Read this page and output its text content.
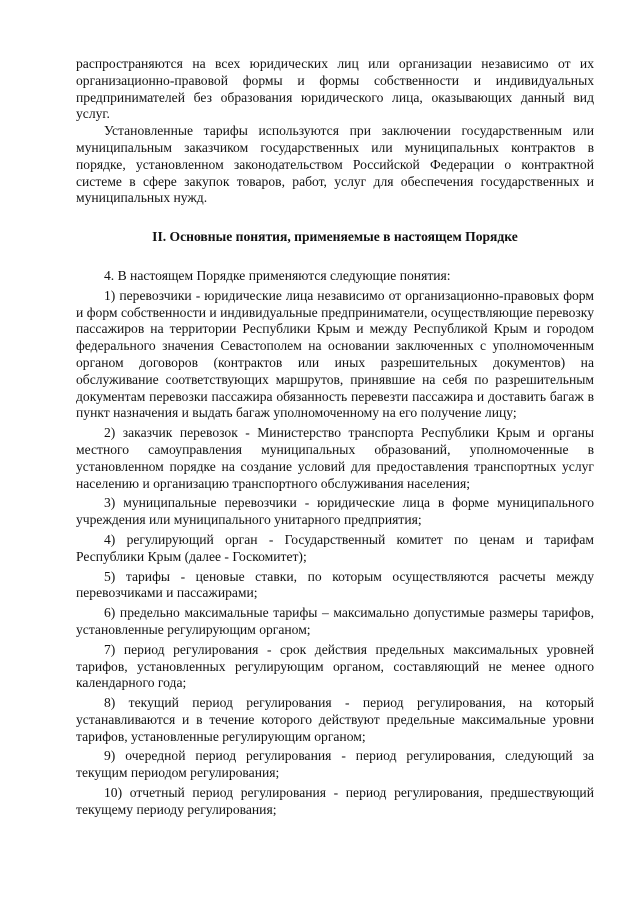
распространяются на всех юридических лиц или организации независимо от их организационно-правовой формы и формы собственности и индивидуальных предпринимателей без образования юридического лица, оказывающих данный вид услуг.

Установленные тарифы используются при заключении государственным или муниципальным заказчиком государственных или муниципальных контрактов в порядке, установленном законодательством Российской Федерации о контрактной системе в сфере закупок товаров, работ, услуг для обеспечения государственных и муниципальных нужд.

II. Основные понятия, применяемые в настоящем Порядке

4. В настоящем Порядке применяются следующие понятия:

1) перевозчики - юридические лица независимо от организационно-правовых форм и форм собственности и индивидуальные предприниматели, осуществляющие перевозку пассажиров на территории Республики Крым и между Республикой Крым и городом федерального значения Севастополем на основании заключенных с уполномоченным органом договоров (контрактов или иных разрешительных документов) на обслуживание соответствующих маршрутов, принявшие на себя по разрешительным документам перевозки пассажира обязанность перевезти пассажира и доставить багаж в пункт назначения и выдать багаж уполномоченному на его получение лицу;

2) заказчик перевозок - Министерство транспорта Республики Крым и органы местного самоуправления муниципальных образований, уполномоченные в установленном порядке на создание условий для предоставления транспортных услуг населению и организацию транспортного обслуживания населения;

3) муниципальные перевозчики - юридические лица в форме муниципального учреждения или муниципального унитарного предприятия;

4) регулирующий орган - Государственный комитет по ценам и тарифам Республики Крым (далее - Госкомитет);

5) тарифы - ценовые ставки, по которым осуществляются расчеты между перевозчиками и пассажирами;

6) предельно максимальные тарифы – максимально допустимые размеры тарифов, установленные регулирующим органом;

7) период регулирования - срок действия предельных максимальных уровней тарифов, установленных регулирующим органом, составляющий не менее одного календарного года;

8) текущий период регулирования - период регулирования, на который устанавливаются и в течение которого действуют предельные максимальные уровни тарифов, установленные регулирующим органом;

9) очередной период регулирования - период регулирования, следующий за текущим периодом регулирования;

10) отчетный период регулирования - период регулирования, предшествующий текущему периоду регулирования;
